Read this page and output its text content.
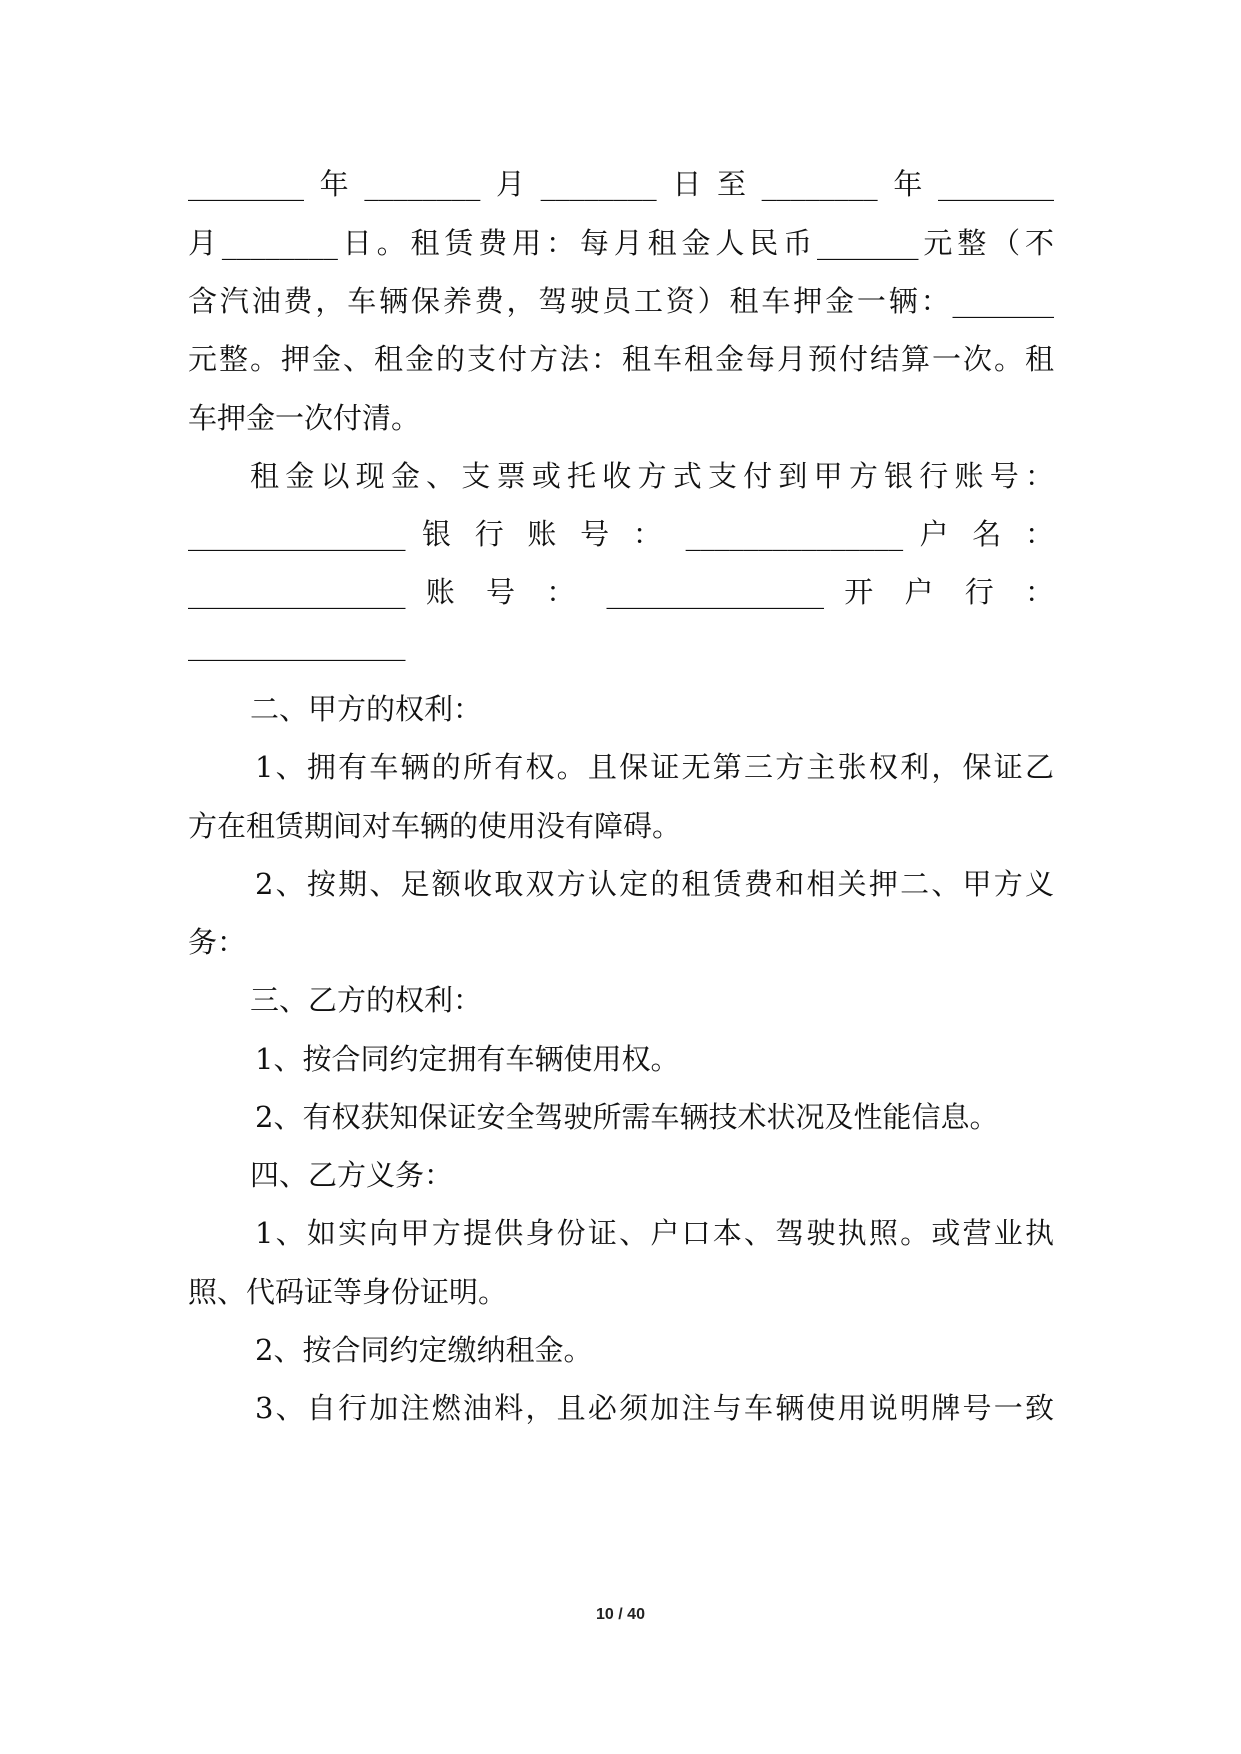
________年________月________日至________年________
月________日。租赁费用：每月租金人民币_______元整（不
含汽油费，车辆保养费，驾驶员工资）租车押金一辆：_______
元整。押金、租金的支付方法：租车租金每月预付结算一次。租
车押金一次付清。
租金以现金、支票或托收方式支付到甲方银行账号：
_______________ 银 行 账 号 ： _______________ 户 名 ：
_______________ 账 号 ： _______________ 开 户 行 ：
_______________
二、甲方的权利：
1、拥有车辆的所有权。且保证无第三方主张权利，保证乙
方在租赁期间对车辆的使用没有障碍。
2、按期、足额收取双方认定的租赁费和相关押二、甲方义
务：
三、乙方的权利：
1、按合同约定拥有车辆使用权。
2、有权获知保证安全驾驶所需车辆技术状况及性能信息。
四、乙方义务：
1、如实向甲方提供身份证、户口本、驾驶执照。或营业执
照、代码证等身份证明。
2、按合同约定缴纳租金。
3、自行加注燃油料，且必须加注与车辆使用说明牌号一致
10 / 40
